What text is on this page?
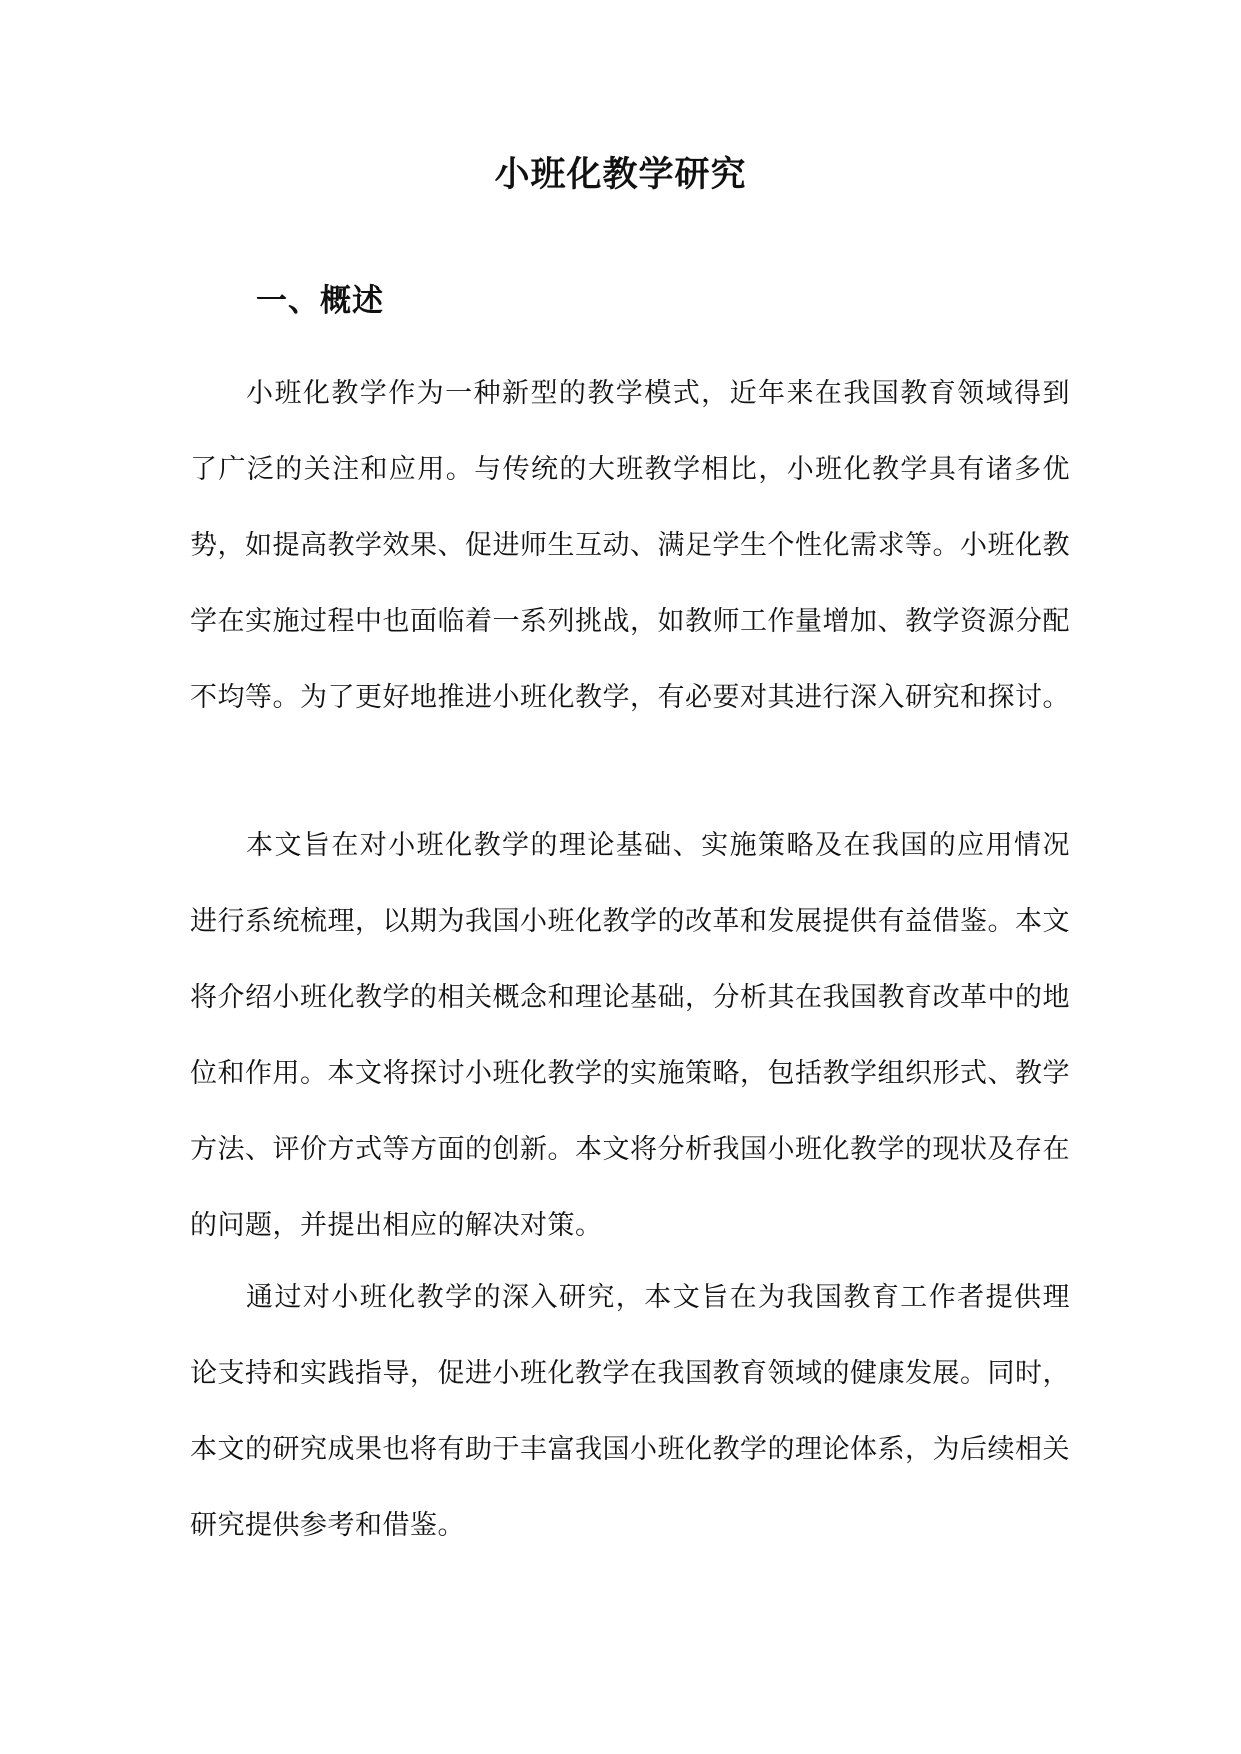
小班化教学研究
一、概述

小班化教学作为一种新型的教学模式，近年来在我国教育领域得到了广泛的关注和应用。与传统的大班教学相比，小班化教学具有诸多优势，如提高教学效果、促进师生互动、满足学生个性化需求等。小班化教学在实施过程中也面临着一系列挑战，如教师工作量增加、教学资源分配不均等。为了更好地推进小班化教学，有必要对其进行深入研究和探讨。

本文旨在对小班化教学的理论基础、实施策略及在我国的应用情况进行系统梳理，以期为我国小班化教学的改革和发展提供有益借鉴。本文将介绍小班化教学的相关概念和理论基础，分析其在我国教育改革中的地位和作用。本文将探讨小班化教学的实施策略，包括教学组织形式、教学方法、评价方式等方面的创新。本文将分析我国小班化教学的现状及存在的问题，并提出相应的解决对策。

通过对小班化教学的深入研究，本文旨在为我国教育工作者提供理论支持和实践指导，促进小班化教学在我国教育领域的健康发展。同时，本文的研究成果也将有助于丰富我国小班化教学的理论体系，为后续相关研究提供参考和借鉴。
